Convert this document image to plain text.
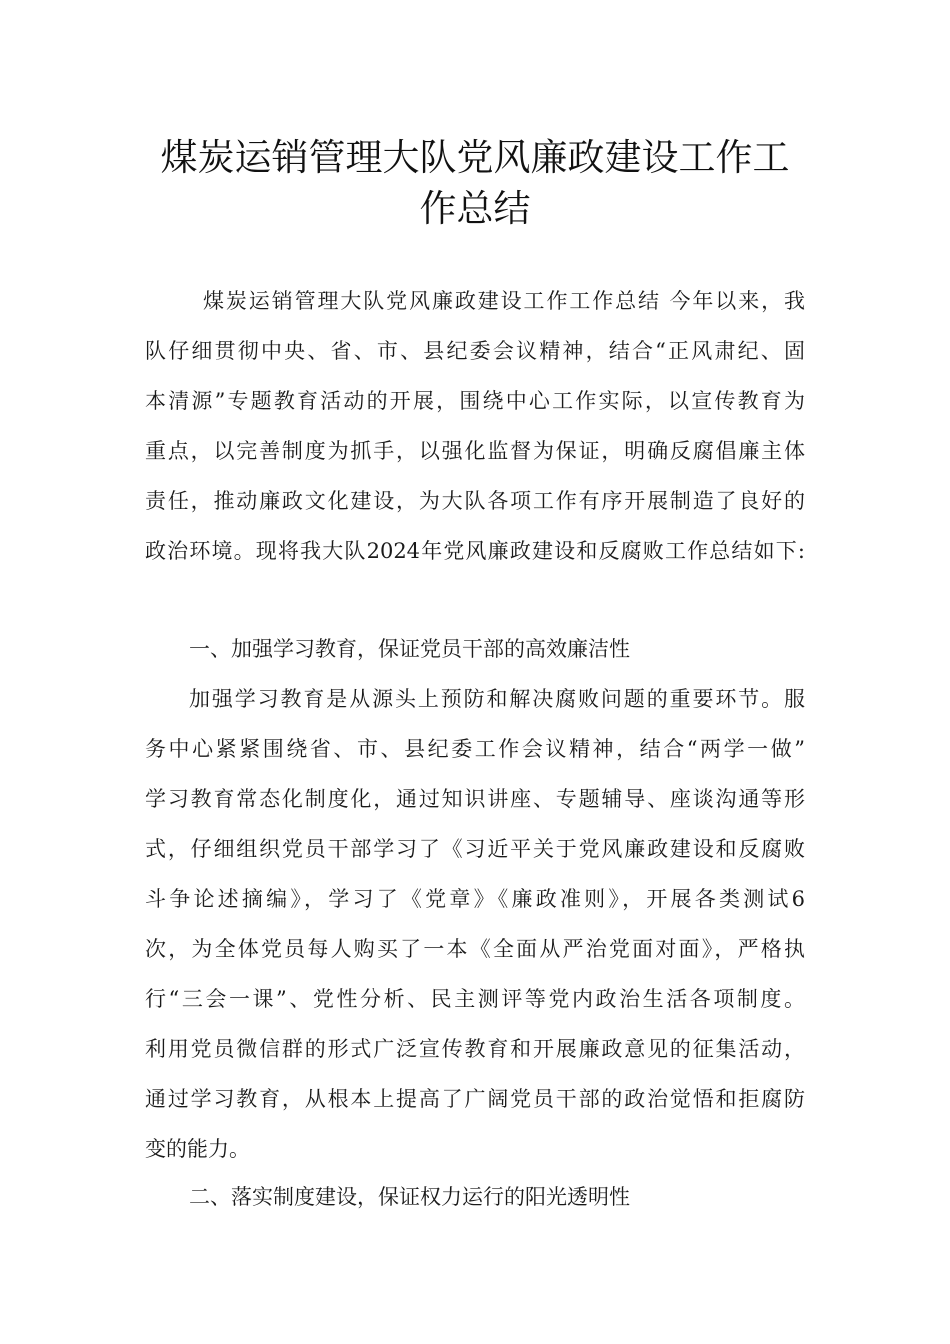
煤炭运销管理大队党风廉政建设工作工
作总结
煤炭运销管理大队党风廉政建设工作工作总结 今年以来，我
队仔细贯彻中央、省、市、县纪委会议精神，结合“正风肃纪、固
本清源”专题教育活动的开展，围绕中心工作实际，以宣传教育为
重点，以完善制度为抓手，以强化监督为保证，明确反腐倡廉主体
责任，推动廉政文化建设，为大队各项工作有序开展制造了良好的
政治环境。现将我大队2024年党风廉政建设和反腐败工作总结如下:
一、加强学习教育，保证党员干部的高效廉洁性
加强学习教育是从源头上预防和解决腐败问题的重要环节。服
务中心紧紧围绕省、市、县纪委工作会议精神，结合“两学一做”
学习教育常态化制度化，通过知识讲座、专题辅导、座谈沟通等形
式，仔细组织党员干部学习了《习近平关于党风廉政建设和反腐败
斗争论述摘编》，学习了《党章》《廉政准则》，开展各类测试6
次，为全体党员每人购买了一本《全面从严治党面对面》，严格执
行“三会一课”、党性分析、民主测评等党内政治生活各项制度。
利用党员微信群的形式广泛宣传教育和开展廉政意见的征集活动，
通过学习教育，从根本上提高了广阔党员干部的政治觉悟和拒腐防
变的能力。
二、落实制度建设，保证权力运行的阳光透明性
